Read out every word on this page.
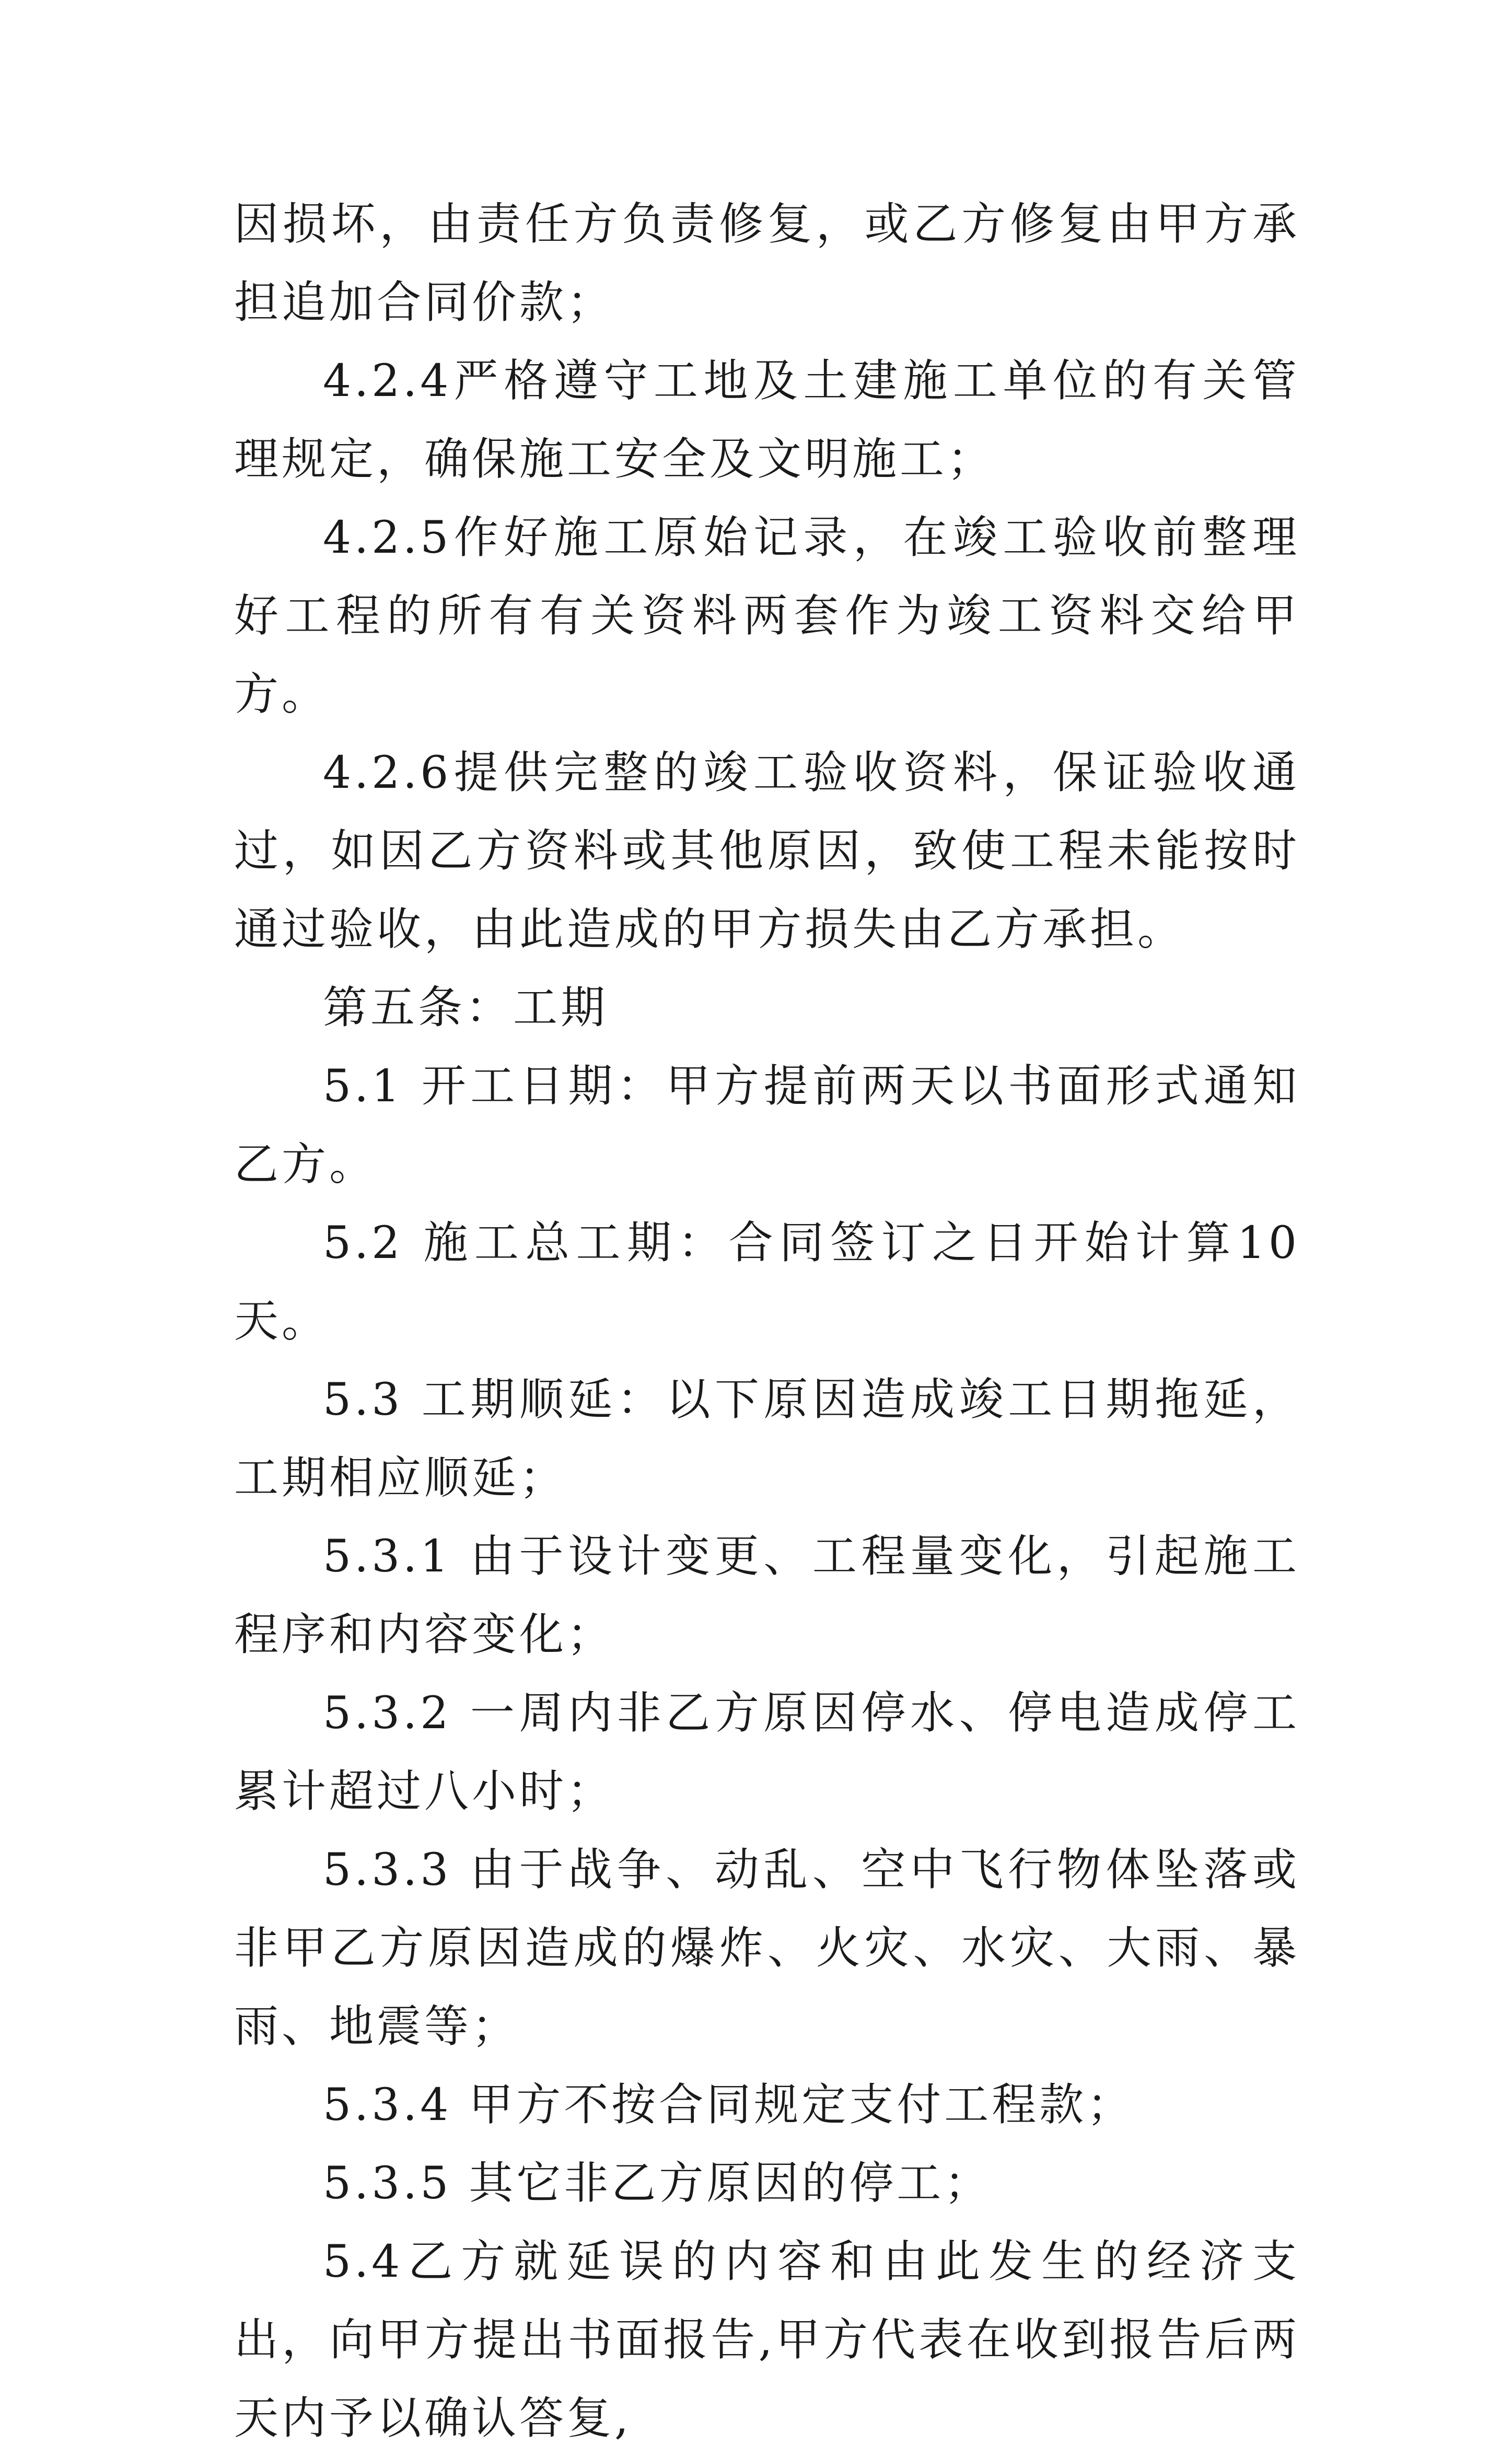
因损坏，由责任方负责修复，或乙方修复由甲方承担追加合同价款；

4.2.4严格遵守工地及土建施工单位的有关管理规定，确保施工安全及文明施工；

4.2.5作好施工原始记录，在竣工验收前整理好工程的所有有关资料两套作为竣工资料交给甲方。

4.2.6提供完整的竣工验收资料，保证验收通过，如因乙方资料或其他原因，致使工程未能按时通过验收，由此造成的甲方损失由乙方承担。

第五条：工期

5.1 开工日期：甲方提前两天以书面形式通知乙方。

5.2 施工总工期：合同签订之日开始计算10天。

5.3 工期顺延：以下原因造成竣工日期拖延，工期相应顺延；

5.3.1 由于设计变更、工程量变化，引起施工程序和内容变化；

5.3.2 一周内非乙方原因停水、停电造成停工累计超过八小时；

5.3.3 由于战争、动乱、空中飞行物体坠落或非甲乙方原因造成的爆炸、火灾、水灾、大雨、暴雨、地震等；

5.3.4 甲方不按合同规定支付工程款；

5.3.5 其它非乙方原因的停工；

5.4乙方就延误的内容和由此发生的经济支出，向甲方提出书面报告,甲方代表在收到报告后两天内予以确认答复,
